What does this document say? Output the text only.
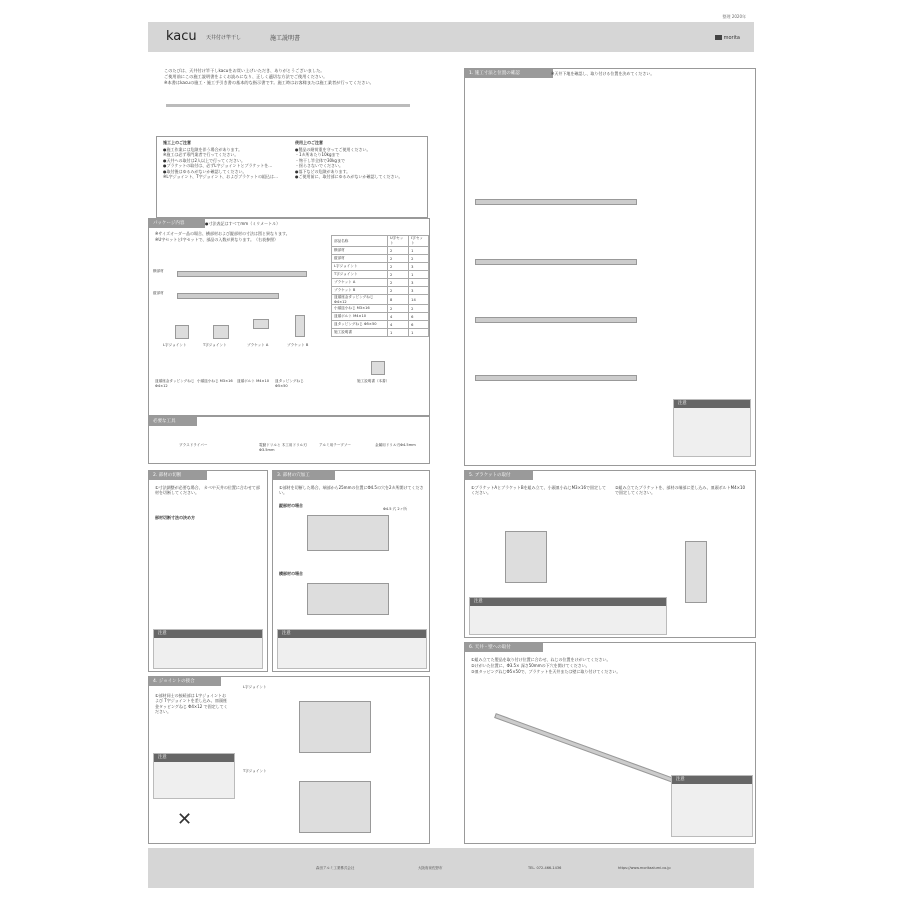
kacu 天井付け竿干し	施工説明書	morita
整理 2020年
このたびは、天井付け竿干しkacuをお買い上げいただき、ありがとうございました。
ご使用前にこの施工説明書をよくお読みになり、正しく適切な方法でご使用ください。
※本書はkacuの施工・施工手引き書の基本的な指示書です。施工時はお客様または施工業者が行ってください。
施工上のご注意
●施工作業には危険を伴う場合があります。
※施工は必ず専門業者で行ってください。
●天井への取付は2人以上で行ってください。
●ブラケットの取付は、必ずL字ジョイントとブラケットを…
●取付後はゆるみがないか確認してください。
※L字ジョイント、T字ジョイント、およびブラケットの組込は…
使用上のご注意
●製品の耐荷重を守ってご使用ください。
・1カ所あたり10kgまで
・物干し竿全体で30kgまで
・揺らさないでください。
●落下などの危険があります。
●ご使用前に、取付部にゆるみがないか確認してください。
パッケージ内容	●寸法表記はすべてmm（ミリメートル）
※サイズオーダー品の場合、横部材および縦部材の寸法は図と異なります。
※U字セットとI字セットで、部品の入数が異なります。（右表参照）
横部材
縦部材
L字ジョイント	T字ジョイント	ブラケット A	ブラケット B
皿頭座金タッピングねじ Φ4×12
小頭皿小ねじ M3×16 皿頭ボルト M4×10	皿タッピングねじ Φ5×50
施工説明書（本書）
部品名称	U字セット	I字セット
横部材	2	1
縦部材	2	2
L字ジョイント	2	3
T字ジョイント	2	1
ブラケット A	2	3
ブラケット B	2	3
皿頭座金タッピングねじ Φ4×12	8	14
小頭皿小ねじ M3×16	2	2
皿頭ボルト M4×10	4	6
皿タッピングねじ Φ5×50	4	6
施工説明書	1	1
必要な工具
プラスドライバー	電動ドリルと 木工用ドリル刃Φ3.5mm
アルミ用テープソー	金属用ドリル刃Φ4.5mm
1. 施工寸法と位置の確認	※天井下地を確認し、取り付ける位置を決めてください。
注意
2. 部材の切断
①寸法調整が必要な場合、 カベや天井の位置に合わせて部材を切断してください。
部材切断寸法の決め方
注意
3. 部材の穴加工
①部材を切断した場合、端部から25mmの位置にΦ4.5の穴を2カ所開けてください。
縦部材の場合
横部材の場合
Φ4.5 穴 2ヶ所
注意
4. ジョイントの接合
①部材同士の接続部は L字ジョイントおよび T字ジョイントを差し込み、皿頭座金タッピングねじ Φ4×12 で固定してください。
L字ジョイント
T字ジョイント
注意
✕
5. ブラケットの取付
①ブラケットAとブラケットBを組み立て、小頭皿小ねじM3×16で固定してください。
②組み立てたブラケットを、部材の端部に差し込み、皿頭ボルトM4×10で固定してください。
注意
6. 天井・壁への取付
①組み立てた製品を取り付け位置に合わせ、ねじの位置をけがいてください。
②けがいた位置に、Φ3.5× 深さ50mmの下穴を開けてください。
③皿タッピングねじΦ5×50で、ブラケットを天井または壁に取り付けてください。
注意
森田アルミ工業株式会社	大阪府泉佐野市	TEL. 072-466-1436	https://www.moritaalumi.co.jp
